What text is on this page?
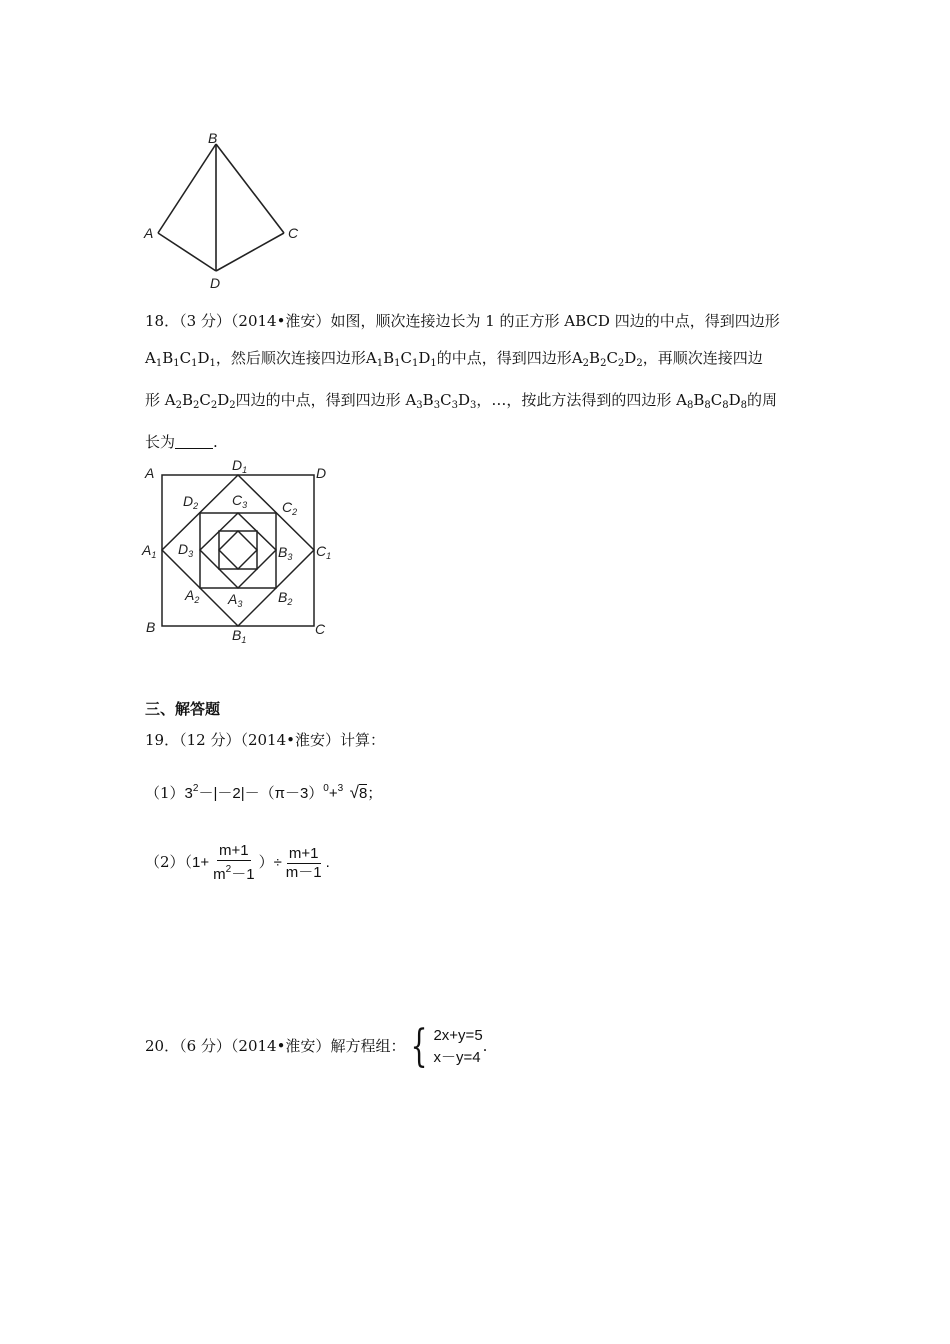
B
A	C
D
18．（3 分）（2014•淮安）如图，顺次连接边长为 1 的正方形 ABCD 四边的中点，得到四边形
$A_1B_1C_1D_1$，然后顺次连接四边形$A_1B_1C_1D_1$的中点，得到四边形$A_2B_2C_2D_2$，再顺次连接四边
形 $A_2B_2C_2D_2$四边的中点，得到四边形 $A_3B_3C_3D_3$，…，按此方法得到的四边形 $A_8B_8C_8D_8$的周
长为	.
A	D
B	C
$D_1$
$A_1$	$C_1$
$B_1$
$D_2$	$C_2$
$A_2$	$B_2$
$C_3$
$D_3$	$B_3$
$A_3$
三、解答题
19．（12 分）（2014•淮安）计算：
$(1)3^2-|-2|-(\pi-3)^0+ 3$ √8；
$(2)(1+ \frac{m+1}{m^2-1}$ ）÷ $\frac{m+1}{m-1}$ .
20．（6 分）（2014•淮安）解方程组： { 2x+y=5
x－y=4
.
